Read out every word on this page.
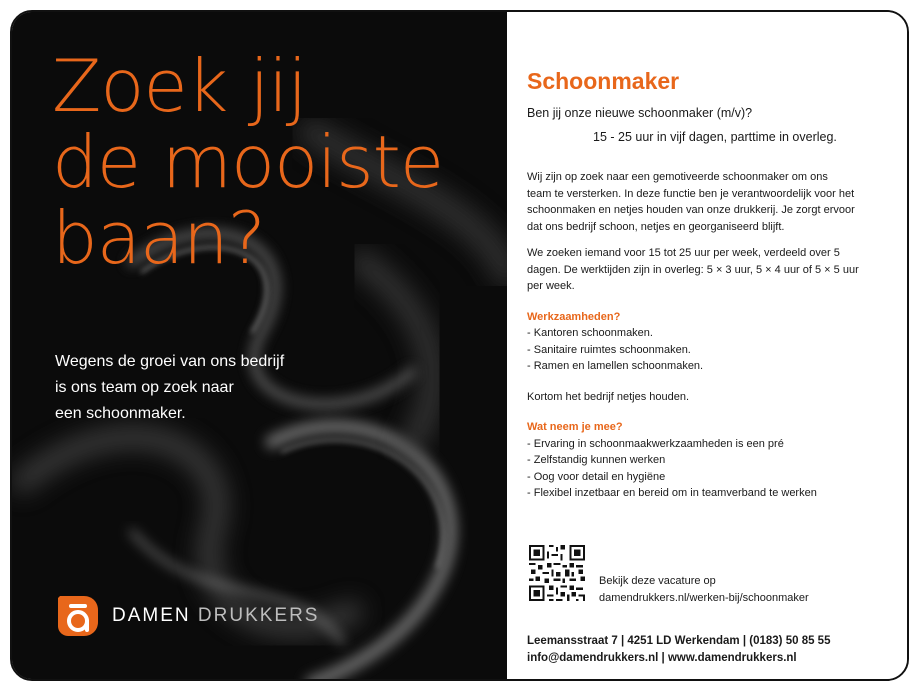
Zoek jij
de mooiste
baan?

Wegens de groei van ons bedrijf
is ons team op zoek naar
een schoonmaker.

DAMEN DRUKKERS
Schoonmaker
Ben jij onze nieuwe schoonmaker (m/v)?
15 - 25 uur in vijf dagen, parttime in overleg.

Wij zijn op zoek naar een gemotiveerde schoonmaker om ons
team te versterken. In deze functie ben je verantwoordelijk voor het
schoonmaken en netjes houden van onze drukkerij. Je zorgt ervoor
dat ons bedrijf schoon, netjes en georganiseerd blijft.

We zoeken iemand voor 15 tot 25 uur per week, verdeeld over 5
dagen. De werktijden zijn in overleg: 5 × 3 uur, 5 × 4 uur of 5 × 5 uur
per week.

Werkzaamheden?
- Kantoren schoonmaken.
- Sanitaire ruimtes schoonmaken.
- Ramen en lamellen schoonmaken.

Kortom het bedrijf netjes houden.

Wat neem je mee?
- Ervaring in schoonmaakwerkzaamheden is een pré
- Zelfstandig kunnen werken
- Oog voor detail en hygiëne
- Flexibel inzetbaar en bereid om in teamverband te werken
Bekijk deze vacature op
damendrukkers.nl/werken-bij/schoonmaker
Leemansstraat 7 | 4251 LD Werkendam | (0183) 50 85 55
info@damendrukkers.nl | www.damendrukkers.nl
